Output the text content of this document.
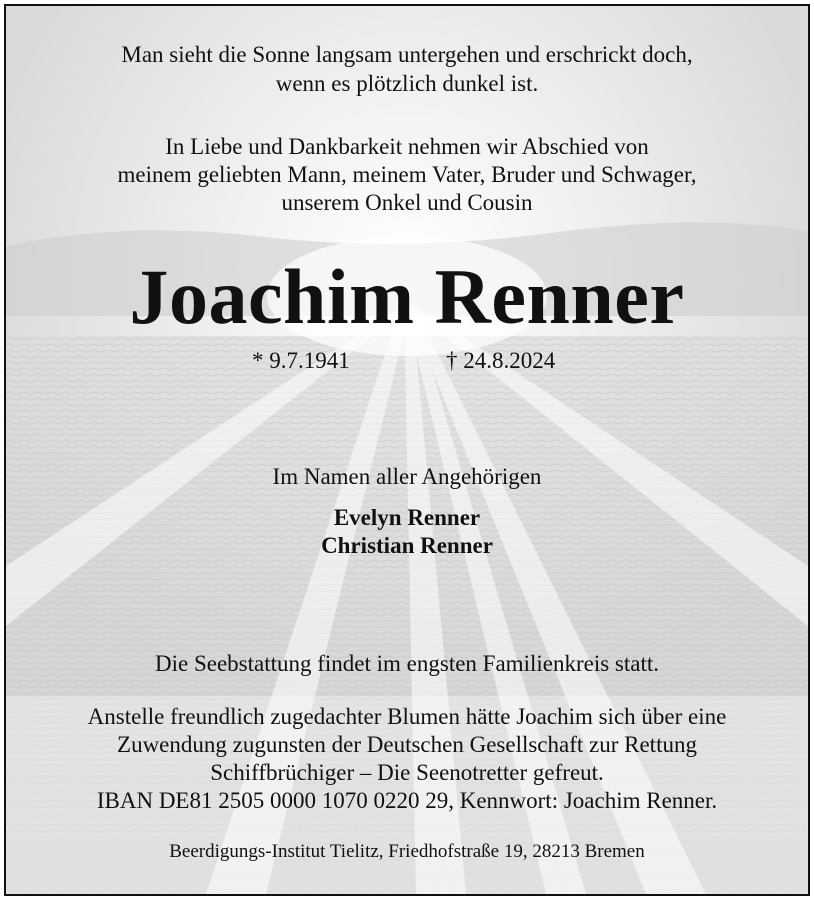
Man sieht die Sonne langsam untergehen und erschrickt doch,
wenn es plötzlich dunkel ist.
In Liebe und Dankbarkeit nehmen wir Abschied von
meinem geliebten Mann, meinem Vater, Bruder und Schwager,
unserem Onkel und Cousin
Joachim Renner
* 9.7.1941	† 24.8.2024
Im Namen aller Angehörigen
Evelyn Renner
Christian Renner
Die Seebstattung findet im engsten Familienkreis statt.
Anstelle freundlich zugedachter Blumen hätte Joachim sich über eine
Zuwendung zugunsten der Deutschen Gesellschaft zur Rettung
Schiffbrüchiger – Die Seenotretter gefreut.
IBAN DE81 2505 0000 1070 0220 29, Kennwort: Joachim Renner.
Beerdigungs-Institut Tielitz, Friedhofstraße 19, 28213 Bremen
